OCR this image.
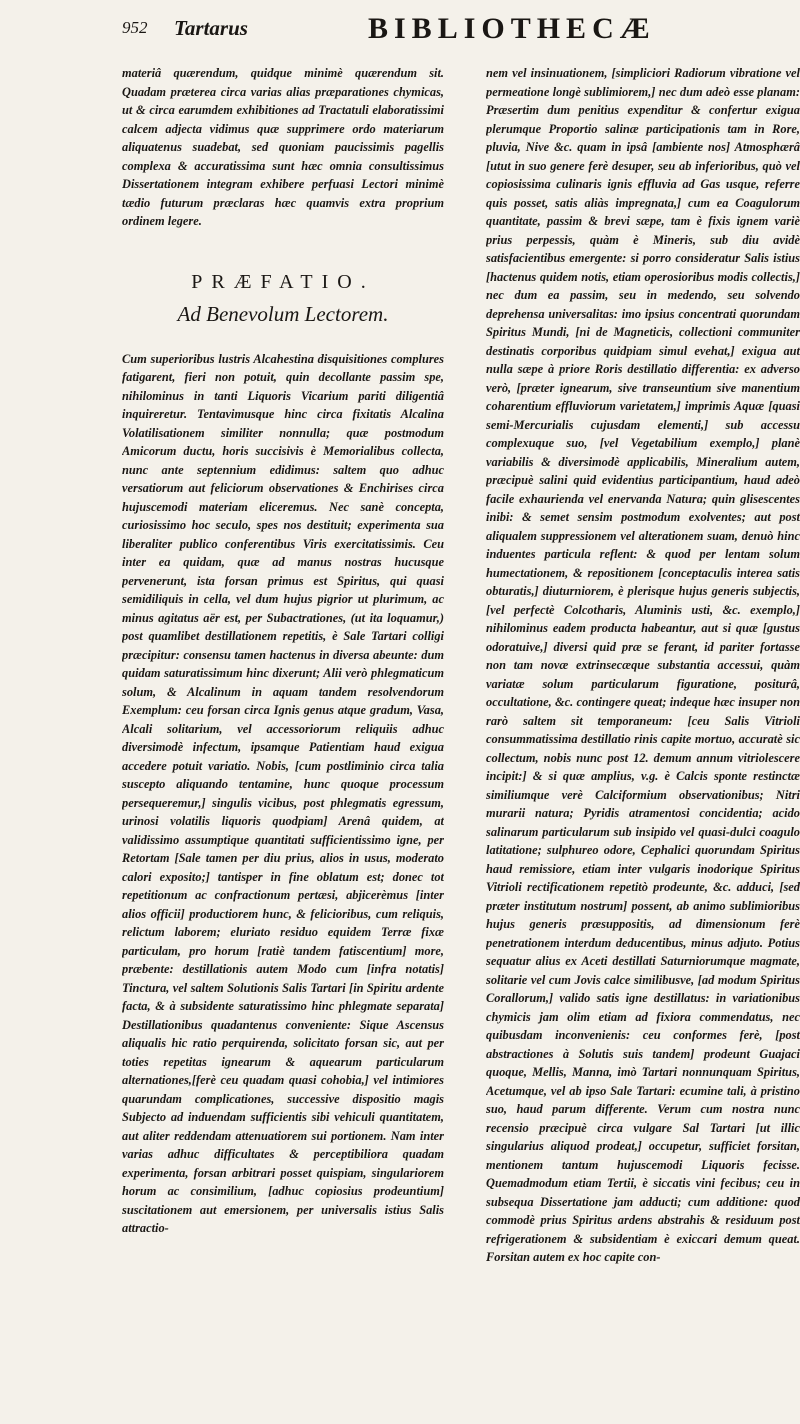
952 Tartarus	BIBLIOTHECÆ

materiâ quærendum, quidque minimè quærendum sit. Quadam præterea circa varias alias præparationes chymicas, ut & circa earumdem exhibitiones ad Tractatuli elaboratissimi calcem adjecta vidimus quæ supprimere ordo materiarum aliquatenus suadebat, sed quoniam paucissimis pagellis complexa & accuratissima sunt hæc omnia consultissimus Dissertationem integram exhibere perfuasi Lectori minimè tædio futurum præclaras hæc quamvis extra proprium ordinem legere.

PRÆFATIO.
Ad Benevolum Lectorem.

Cum superioribus lustris Alcahestina disquisitiones complures fatigarent, fieri non potuit, quin decollante passim spe, nihilominus in tanti Liquoris Vicarium pariti diligentiâ inquireretur. Tentavimusque hinc circa fixitatis Alcalina Volatilisationem similiter nonnulla; quæ postmodum Amicorum ductu, horis succisivis è Memorialibus collecta, nunc ante septennium edidimus: saltem quo adhuc versatiorum aut feliciorum observationes & Enchirises circa hujuscemodi materiam eliceremus. Nec sanè concepta, curiosissimo hoc seculo, spes nos destituit; experimenta sua liberaliter publico conferentibus Viris exercitatissimis. Ceu inter ea quidam, quæ ad manus nostras hucusque pervenerunt, ista forsan primus est Spiritus, qui quasi semidiliquis in cella, vel dum hujus pigrior ut plurimum, ac minus agitatus aër est, per Subactrationes, (ut ita loquamur,) post quamlibet destillationem repetitis, è Sale Tartari colligi præcipitur: consensu tamen hactenus in diversa abeunte: dum quidam saturatissimum hinc dixerunt; Alii verò phlegmaticum solum, & Alcalinum in aquam tandem resolvendorum Exemplum: ceu forsan circa Ignis genus atque gradum, Vasa, Alcali solitarium, vel accessoriorum reliquiis adhuc diversimodè infectum, ipsamque Patientiam haud exigua accedere potuit variatio. Nobis, [cum postliminio circa talia suscepto aliquando tentamine, hunc quoque processum persequeremur,] singulis vicibus, post phlegmatis egressum, urinosi volatilis liquoris quodpiam] Arenâ quidem, at validissimo assumptique quantitati sufficientissimo igne, per Retortam [Sale tamen per diu prius, alios in usus, moderato calori exposito;] tantisper in fine oblatum est; donec tot repetitionum ac confractionum pertæsi, abjicerèmus [inter alios officii] productiorem hunc, & felicioribus, cum reliquis, relictum laborem; eluriato residuo equidem Terræ fixæ particulam, pro horum [ratiè tandem fatiscentium] more, præbente: destillationis autem Modo cum [infra notatis] Tinctura, vel saltem Solutionis Salis Tartari [in Spiritu ardente facta, & à subsidente saturatissimo hinc phlegmate separata] Destillationibus quadantenus conveniente: Sique Ascensus aliqualis hic ratio perquirenda, solicitato forsan sic, aut per toties repetitas ignearum & aquearum particularum alternationes,[ferè ceu quadam quasi cohobia,] vel intimiores quarundam complicationes, successive dispositio magis Subjecto ad induendam sufficientis sibi vehiculi quantitatem, aut aliter reddendam attenuatiorem sui portionem. Nam inter varias adhuc difficultates & perceptibiliora quadam experimenta, forsan arbitrari posset quispiam, singulariorem horum ac consimilium, [adhuc copiosius prodeuntium] suscitationem aut emersionem, per universalis istius Salis attractio-

nem vel insinuationem, [simpliciori Radiorum vibratione vel permeatione longè sublimiorem,] nec dum adeò esse planam: Præsertim dum penitius expenditur & confertur exigua plerumque Proportio salinæ participationis tam in Rore, pluvia, Nive &c. quam in ipsâ [ambiente nos] Atmosphærâ [utut in suo genere ferè desuper, seu ab inferioribus, quò vel copiosissima culinaris ignis effluvia ad Gas usque, referre quis posset, satis aliàs impregnata,] cum ea Coagulorum quantitate, passim & brevi sæpe, tam è fixis ignem variè prius perpessis, quàm è Mineris, sub diu avidè satisfacientibus emergente: si porro consideratur Salis istius [hactenus quidem notis, etiam operosioribus modis collectis,] nec dum ea passim, seu in medendo, seu solvendo deprehensa universalitas: imo ipsius concentrati quorundam Spiritus Mundi, [ni de Magneticis, collectioni communiter destinatis corporibus quidpiam simul evehat,] exigua aut nulla sæpe à priore Roris destillatio differentia: ex adverso verò, [præter ignearum, sive transeuntium sive manentium coharentium effluviorum varietatem,] imprimis Aquæ [quasi semi-Mercurialis cujusdam elementi,] sub accessu complexuque suo, [vel Vegetabilium exemplo,] planè variabilis & diversimodè applicabilis, Mineralium autem, præcipuè salini quid evidentius participantium, haud adeò facile exhaurienda vel enervanda Natura; quin glisescentes inibi: & semet sensim postmodum exolventes; aut post aliqualem suppressionem vel alterationem suam, denuò hinc induentes particula reflent: & quod per lentam solum humectationem, & repositionem [conceptaculis interea satis obturatis,] diuturniorem, è plerisque hujus generis subjectis, [vel perfectè Colcotharis, Aluminis usti, &c. exemplo,] nihilominus eadem producta habeantur, aut si quæ [gustus odoratuive,] diversi quid præ se ferant, id pariter fortasse non tam novæ extrinsecæque substantia accessui, quàm variatæ solum particularum figuratione, positurâ, occultatione, &c. contingere queat; indeque hæc insuper non rarò saltem sit temporaneum: [ceu Salis Vitrioli consummatissima destillatio rinis capite mortuo, accuratè sic collectum, nobis nunc post 12. demum annum vitriolescere incipit:] & si quæ amplius, v.g. è Calcis sponte restinctæ similiumque verè Calciformium observationibus; Nitri murarii natura; Pyridis atramentosi concidentia; acido salinarum particularum sub insipido vel quasi-dulci coagulo latitatione; sulphureo odore, Cephalici quorundam Spiritus haud remissiore, etiam inter vulgaris inodorique Spiritus Vitrioli rectificationem repetitò prodeunte, &c. adduci, [sed præter institutum nostrum] possent, ab animo sublimioribus hujus generis præsuppositis, ad dimensionum ferè penetrationem interdum deducentibus, minus adjuto. Potius sequatur alius ex Aceti destillati Saturniorumque magmate, solitarie vel cum Jovis calce similibusve, [ad modum Spiritus Corallorum,] valido satis igne destillatus: in variationibus chymicis jam olim etiam ad fixiora commendatus, nec quibusdam inconvenienis: ceu conformes ferè, [post abstractiones à Solutis suis tandem] prodeunt Guajaci quoque, Mellis, Manna, imò Tartari nonnunquam Spiritus, Acetumque, vel ab ipso Sale Tartari: ecumine tali, à pristino suo, haud parum differente. Verum cum nostra nunc recensio præcipuè circa vulgare Sal Tartari [ut illic singularius aliquod prodeat,] occupetur, sufficiet forsitan, mentionem tantum hujuscemodi Liquoris fecisse. Quemadmodum etiam Tertii, è siccatis vini fecibus; ceu in subsequa Dissertatione jam adducti; cum additione: quod commodè prius Spiritus ardens abstrahis & residuum post refrigerationem & subsidentiam è exiccari demum queat. Forsitan autem ex hoc capite con-
